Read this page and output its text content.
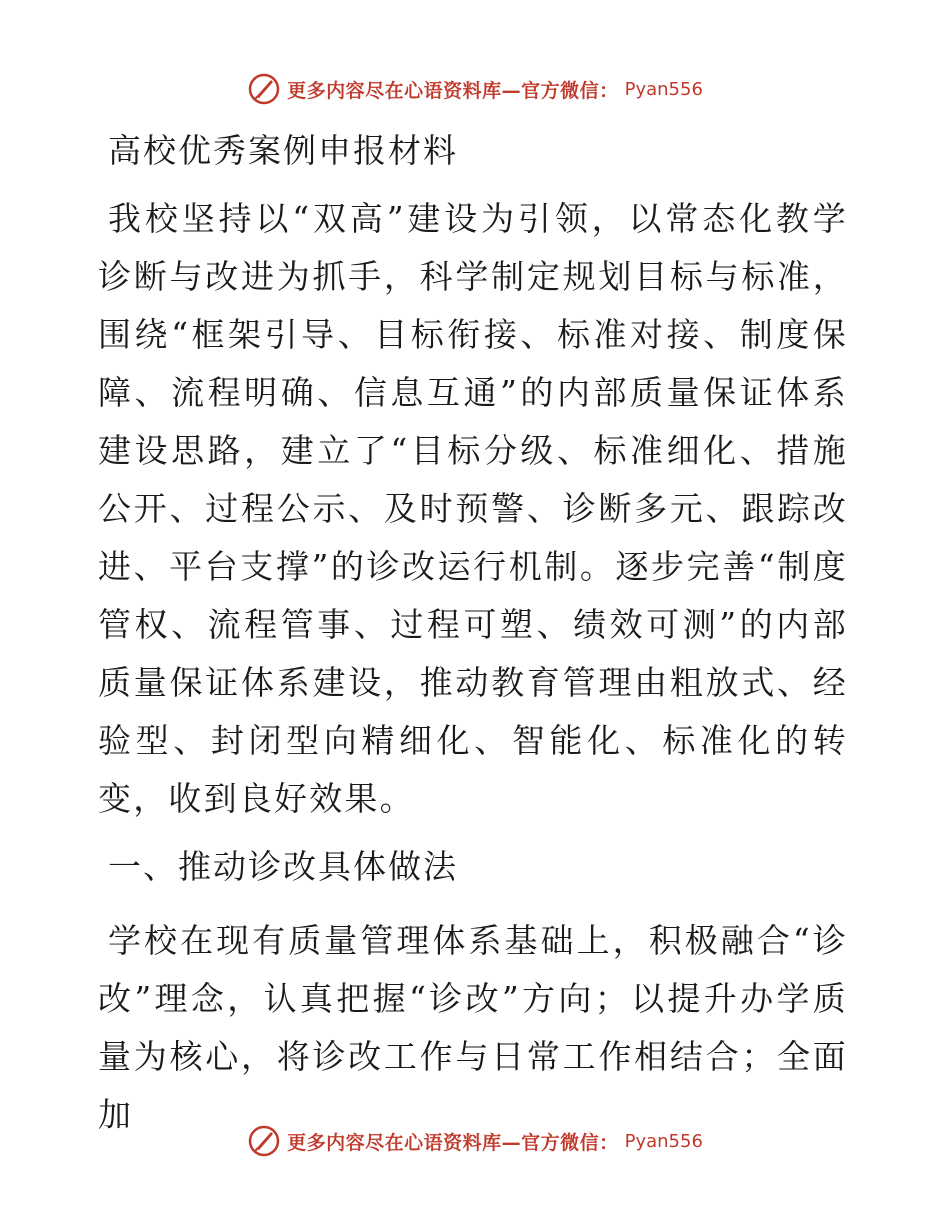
更多内容尽在心语资料库—官方微信： Pyan556
高校优秀案例申报材料

我校坚持以“双高”建设为引领，以常态化教学诊断与改进为抓手，科学制定规划目标与标准，围绕“框架引导、目标衔接、标准对接、制度保障、流程明确、信息互通”的内部质量保证体系建设思路，建立了“目标分级、标准细化、措施公开、过程公示、及时预警、诊断多元、跟踪改进、平台支撑”的诊改运行机制。逐步完善“制度管权、流程管事、过程可塑、绩效可测”的内部质量保证体系建设，推动教育管理由粗放式、经验型、封闭型向精细化、智能化、标准化的转变，收到良好效果。

一、推动诊改具体做法

学校在现有质量管理体系基础上，积极融合“诊改”理念，认真把握“诊改”方向；以提升办学质量为核心，将诊改工作与日常工作相结合；全面加

更多内容尽在心语资料库—官方微信： Pyan556
